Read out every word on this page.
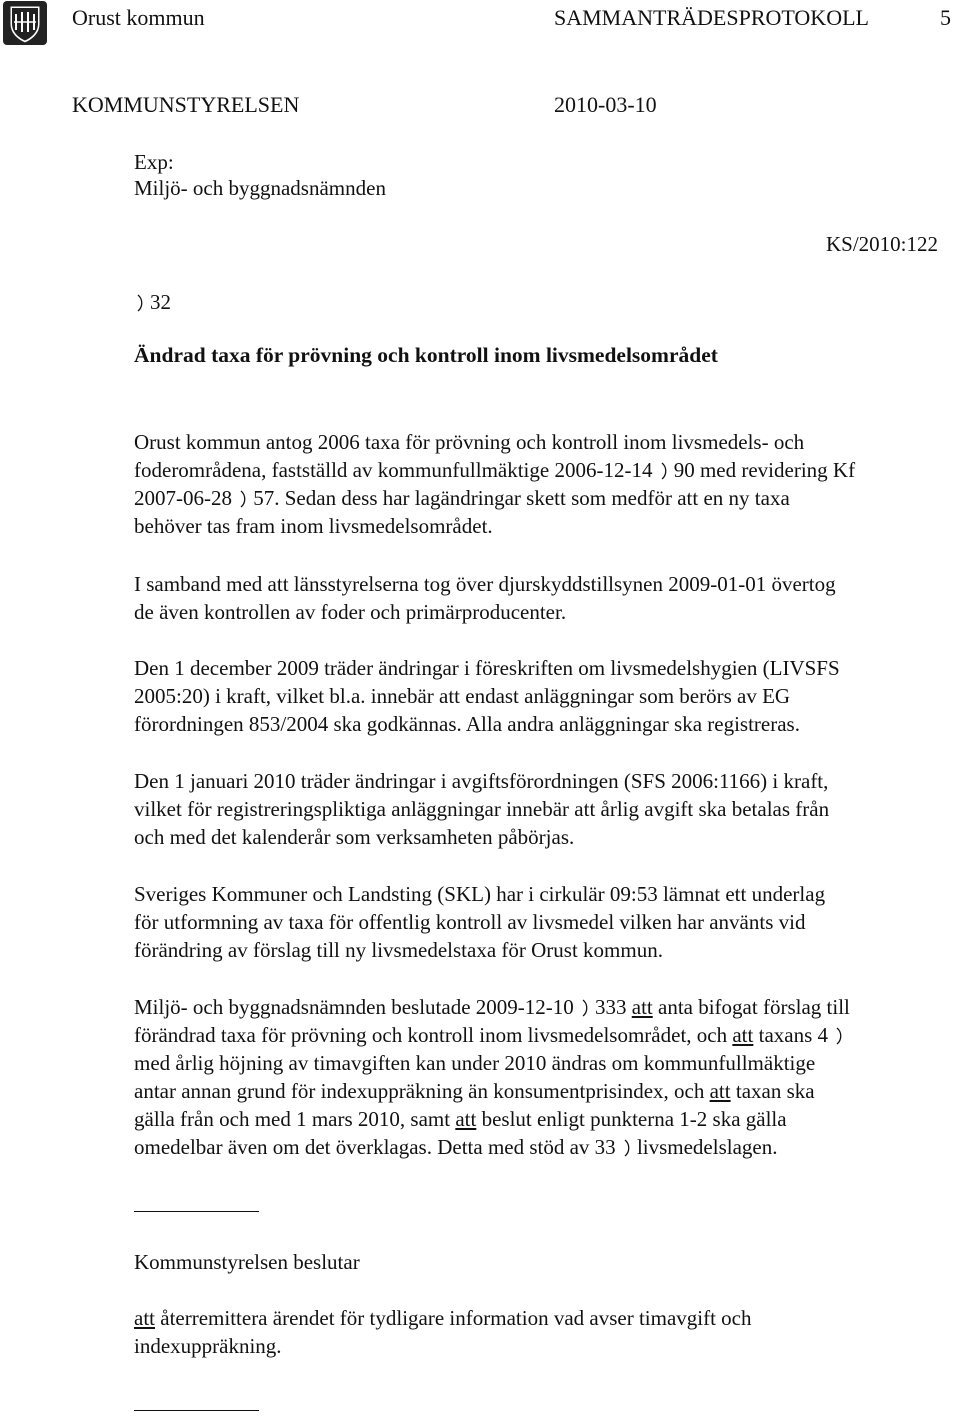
Orust kommun	SAMMANTRÄDESPROTOKOLL	5
KOMMUNSTYRELSEN	2010-03-10
Exp:
Miljö- och byggnadsnämnden
KS/2010:122
32
Ändrad taxa för prövning och kontroll inom livsmedelsområdet
Orust kommun antog 2006 taxa för prövning och kontroll inom livsmedels- och
foderområdena, fastställd av kommunfullmäktige 2006-12-14 90 med revidering Kf
2007-06-28 57. Sedan dess har lagändringar skett som medför att en ny taxa
behöver tas fram inom livsmedelsområdet.
I samband med att länsstyrelserna tog över djurskyddstillsynen 2009-01-01 övertog
de även kontrollen av foder och primärproducenter.
Den 1 december 2009 träder ändringar i föreskriften om livsmedelshygien (LIVSFS
2005:20) i kraft, vilket bl.a. innebär att endast anläggningar som berörs av EG
förordningen 853/2004 ska godkännas. Alla andra anläggningar ska registreras.
Den 1 januari 2010 träder ändringar i avgiftsförordningen (SFS 2006:1166) i kraft,
vilket för registreringspliktiga anläggningar innebär att årlig avgift ska betalas från
och med det kalenderår som verksamheten påbörjas.
Sveriges Kommuner och Landsting (SKL) har i cirkulär 09:53 lämnat ett underlag
för utformning av taxa för offentlig kontroll av livsmedel vilken har använts vid
förändring av förslag till ny livsmedelstaxa för Orust kommun.
Miljö- och byggnadsnämnden beslutade 2009-12-10 333 att anta bifogat förslag till
förändrad taxa för prövning och kontroll inom livsmedelsområdet, och att taxans 4
med årlig höjning av timavgiften kan under 2010 ändras om kommunfullmäktige
antar annan grund för indexuppräkning än konsumentprisindex, och att taxan ska
gälla från och med 1 mars 2010, samt att beslut enligt punkterna 1-2 ska gälla
omedelbar även om det överklagas. Detta med stöd av 33 livsmedelslagen.
Kommunstyrelsen beslutar
att återremittera ärendet för tydligare information vad avser timavgift och
indexuppräkning.
